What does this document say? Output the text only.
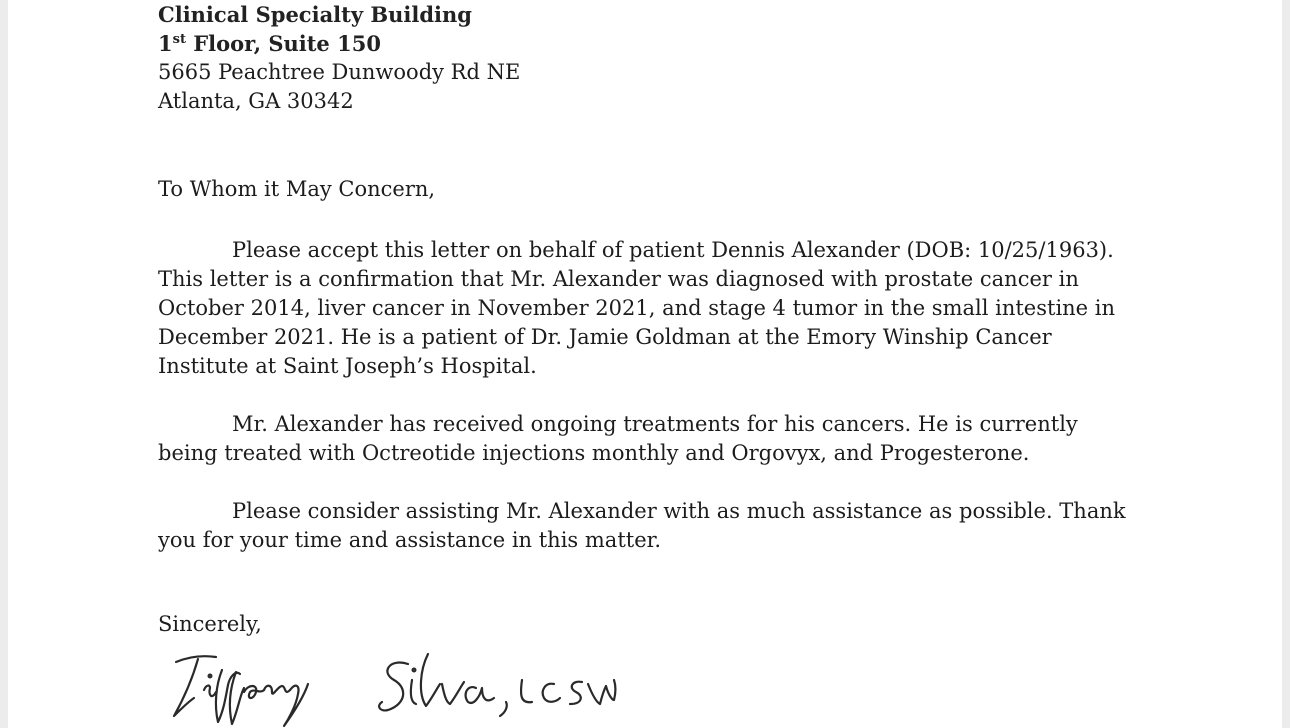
Clinical Specialty Building
1st Floor, Suite 150
5665 Peachtree Dunwoody Rd NE
Atlanta, GA 30342
To Whom it May Concern,

Please accept this letter on behalf of patient Dennis Alexander (DOB: 10/25/1963). This letter is a confirmation that Mr. Alexander was diagnosed with prostate cancer in October 2014, liver cancer in November 2021, and stage 4 tumor in the small intestine in December 2021. He is a patient of Dr. Jamie Goldman at the Emory Winship Cancer Institute at Saint Joseph’s Hospital.

Mr. Alexander has received ongoing treatments for his cancers. He is currently being treated with Octreotide injections monthly and Orgovyx, and Progesterone.

Please consider assisting Mr. Alexander with as much assistance as possible. Thank you for your time and assistance in this matter.

Sincerely,
